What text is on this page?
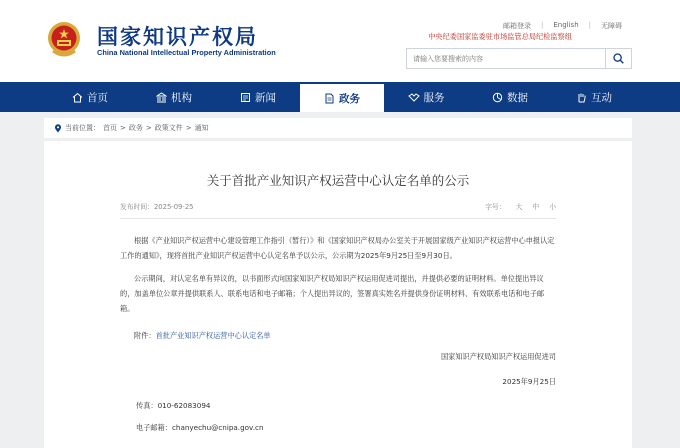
国家知识产权局
China National Intellectual Property Administration
邮箱登录	|	English	|	无障碍
中央纪委国家监委驻市场监管总局纪检监察组
请输入您要搜索的内容
首页	机构	新闻	政务	服务	数据	互动
当前位置： 首页 > 政务 > 政策文件 > 通知
关于首批产业知识产权运营中心认定名单的公示
发布时间：2025-09-25	字号： 大 中 小

根据《产业知识产权运营中心建设管理工作指引（暂行）》和《国家知识产权局办公室关于开展国家级产业知识产权运营中心申报认定工作的通知》，现将首批产业知识产权运营中心认定名单予以公示，公示期为2025年9月25日至9月30日。

公示期间，对认定名单有异议的，以书面形式向国家知识产权局知识产权运用促进司提出，并提供必要的证明材料。单位提出异议的，加盖单位公章并提供联系人、联系电话和电子邮箱；个人提出异议的，签署真实姓名并提供身份证明材料、有效联系电话和电子邮箱。

附件：首批产业知识产权运营中心认定名单

国家知识产权局知识产权运用促进司
2025年9月25日
传真：010-62083094
电子邮箱：chanyechu@cnipa.gov.cn
